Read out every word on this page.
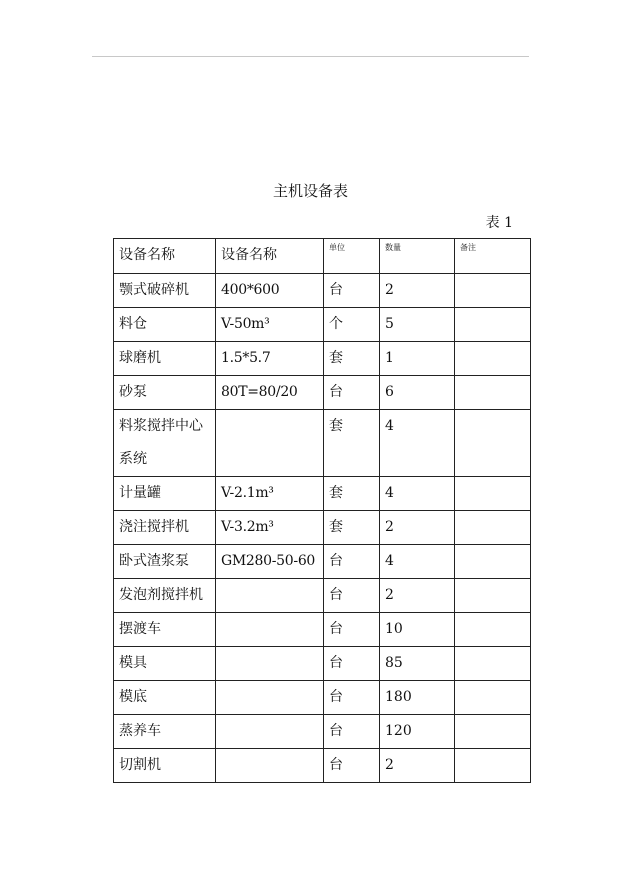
主机设备表
表 1
设备名称	设备名称	单位	数量	备注
颚式破碎机	400*600	台	2	
料仓	V-50m³	个	5	
球磨机	1.5*5.7	套	1	
砂泵	80T=80/20	台	6	
料浆搅拌中心系统		套	4	
计量罐	V-2.1m³	套	4	
浇注搅拌机	V-3.2m³	套	2	
卧式渣浆泵	GM280-50-60	台	4	
发泡剂搅拌机		台	2	
摆渡车		台	10	
模具		台	85	
模底		台	180	
蒸养车		台	120	
切割机		台	2	
